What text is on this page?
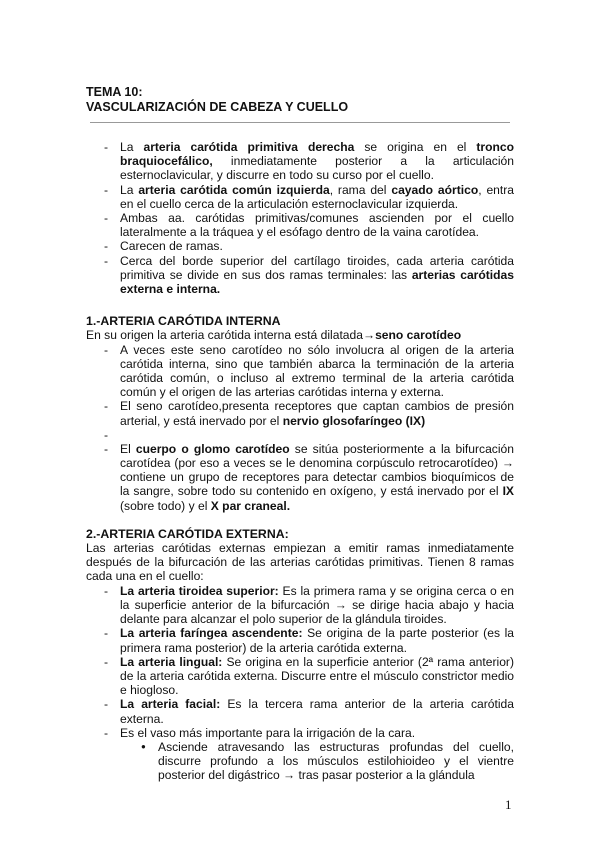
TEMA 10:
VASCULARIZACIÓN DE CABEZA Y CUELLO
- La arteria carótida primitiva derecha se origina en el tronco braquiocefálico, inmediatamente posterior a la articulación esternoclavicular, y discurre en todo su curso por el cuello.
- La arteria carótida común izquierda, rama del cayado aórtico, entra en el cuello cerca de la articulación esternoclavicular izquierda.
- Ambas aa. carótidas primitivas/comunes ascienden por el cuello lateralmente a la tráquea y el esófago dentro de la vaina carotídea.
- Carecen de ramas.
- Cerca del borde superior del cartílago tiroides, cada arteria carótida primitiva se divide en sus dos ramas terminales: las arterias carótidas externa e interna.
1.-ARTERIA CARÓTIDA INTERNA

En su origen la arteria carótida interna está dilatada→seno carotídeo

- A veces este seno carotídeo no sólo involucra al origen de la arteria carótida interna, sino que también abarca la terminación de la arteria carótida común, o incluso al extremo terminal de la arteria carótida común y el origen de las arterias carótidas interna y externa.
- El seno carotídeo,presenta receptores que captan cambios de presión arterial, y está inervado por el nervio glosofaríngeo (IX)
-
- El cuerpo o glomo carotídeo se sitúa posteriormente a la bifurcación carotídea (por eso a veces se le denomina corpúsculo retrocarotídeo) → contiene un grupo de receptores para detectar cambios bioquímicos de la sangre, sobre todo su contenido en oxígeno, y está inervado por el IX (sobre todo) y el X par craneal.
2.-ARTERIA CARÓTIDA EXTERNA:

Las arterias carótidas externas empiezan a emitir ramas inmediatamente después de la bifurcación de las arterias carótidas primitivas. Tienen 8 ramas cada una en el cuello:

- La arteria tiroidea superior: Es la primera rama y se origina cerca o en la superficie anterior de la bifurcación → se dirige hacia abajo y hacia delante para alcanzar el polo superior de la glándula tiroides.
- La arteria faríngea ascendente: Se origina de la parte posterior (es la primera rama posterior) de la arteria carótida externa.
- La arteria lingual: Se origina en la superficie anterior (2ª rama anterior) de la arteria carótida externa. Discurre entre el músculo constrictor medio e hiogloso.
- La arteria facial: Es la tercera rama anterior de la arteria carótida externa.
- Es el vaso más importante para la irrigación de la cara.
● Asciende atravesando las estructuras profundas del cuello, discurre profundo a los músculos estilohioideo y el vientre posterior del digástrico → tras pasar posterior a la glándula
1
